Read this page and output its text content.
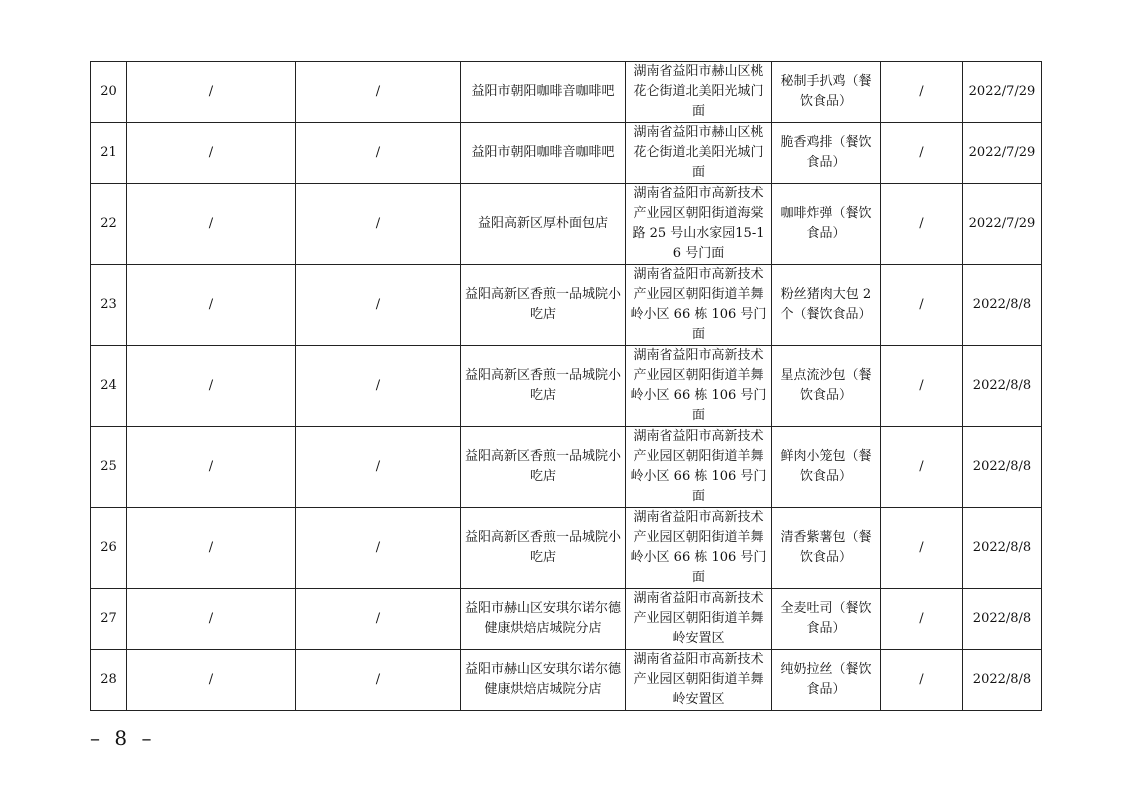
20	/	/	益阳市朝阳咖啡音咖啡吧	湖南省益阳市赫山区桃花仑街道北美阳光城门面	秘制手扒鸡（餐饮食品）	/	2022/7/29
21	/	/	益阳市朝阳咖啡音咖啡吧	湖南省益阳市赫山区桃花仑街道北美阳光城门面	脆香鸡排（餐饮食品）	/	2022/7/29
22	/	/	益阳高新区厚朴面包店	湖南省益阳市高新技术产业园区朝阳街道海棠路 25 号山水家园15-16 号门面	咖啡炸弹（餐饮食品）	/	2022/7/29
23	/	/	益阳高新区香煎一品城院小吃店	湖南省益阳市高新技术产业园区朝阳街道羊舞岭小区 66 栋 106 号门面	粉丝猪肉大包 2 个（餐饮食品）	/	2022/8/8
24	/	/	益阳高新区香煎一品城院小吃店	湖南省益阳市高新技术产业园区朝阳街道羊舞岭小区 66 栋 106 号门面	星点流沙包（餐饮食品）	/	2022/8/8
25	/	/	益阳高新区香煎一品城院小吃店	湖南省益阳市高新技术产业园区朝阳街道羊舞岭小区 66 栋 106 号门面	鲜肉小笼包（餐饮食品）	/	2022/8/8
26	/	/	益阳高新区香煎一品城院小吃店	湖南省益阳市高新技术产业园区朝阳街道羊舞岭小区 66 栋 106 号门面	清香紫薯包（餐饮食品）	/	2022/8/8
27	/	/	益阳市赫山区安琪尔诺尔德健康烘焙店城院分店	湖南省益阳市高新技术产业园区朝阳街道羊舞岭安置区	全麦吐司（餐饮食品）	/	2022/8/8
28	/	/	益阳市赫山区安琪尔诺尔德健康烘焙店城院分店	湖南省益阳市高新技术产业园区朝阳街道羊舞岭安置区	纯奶拉丝（餐饮食品）	/	2022/8/8
– 8 –
